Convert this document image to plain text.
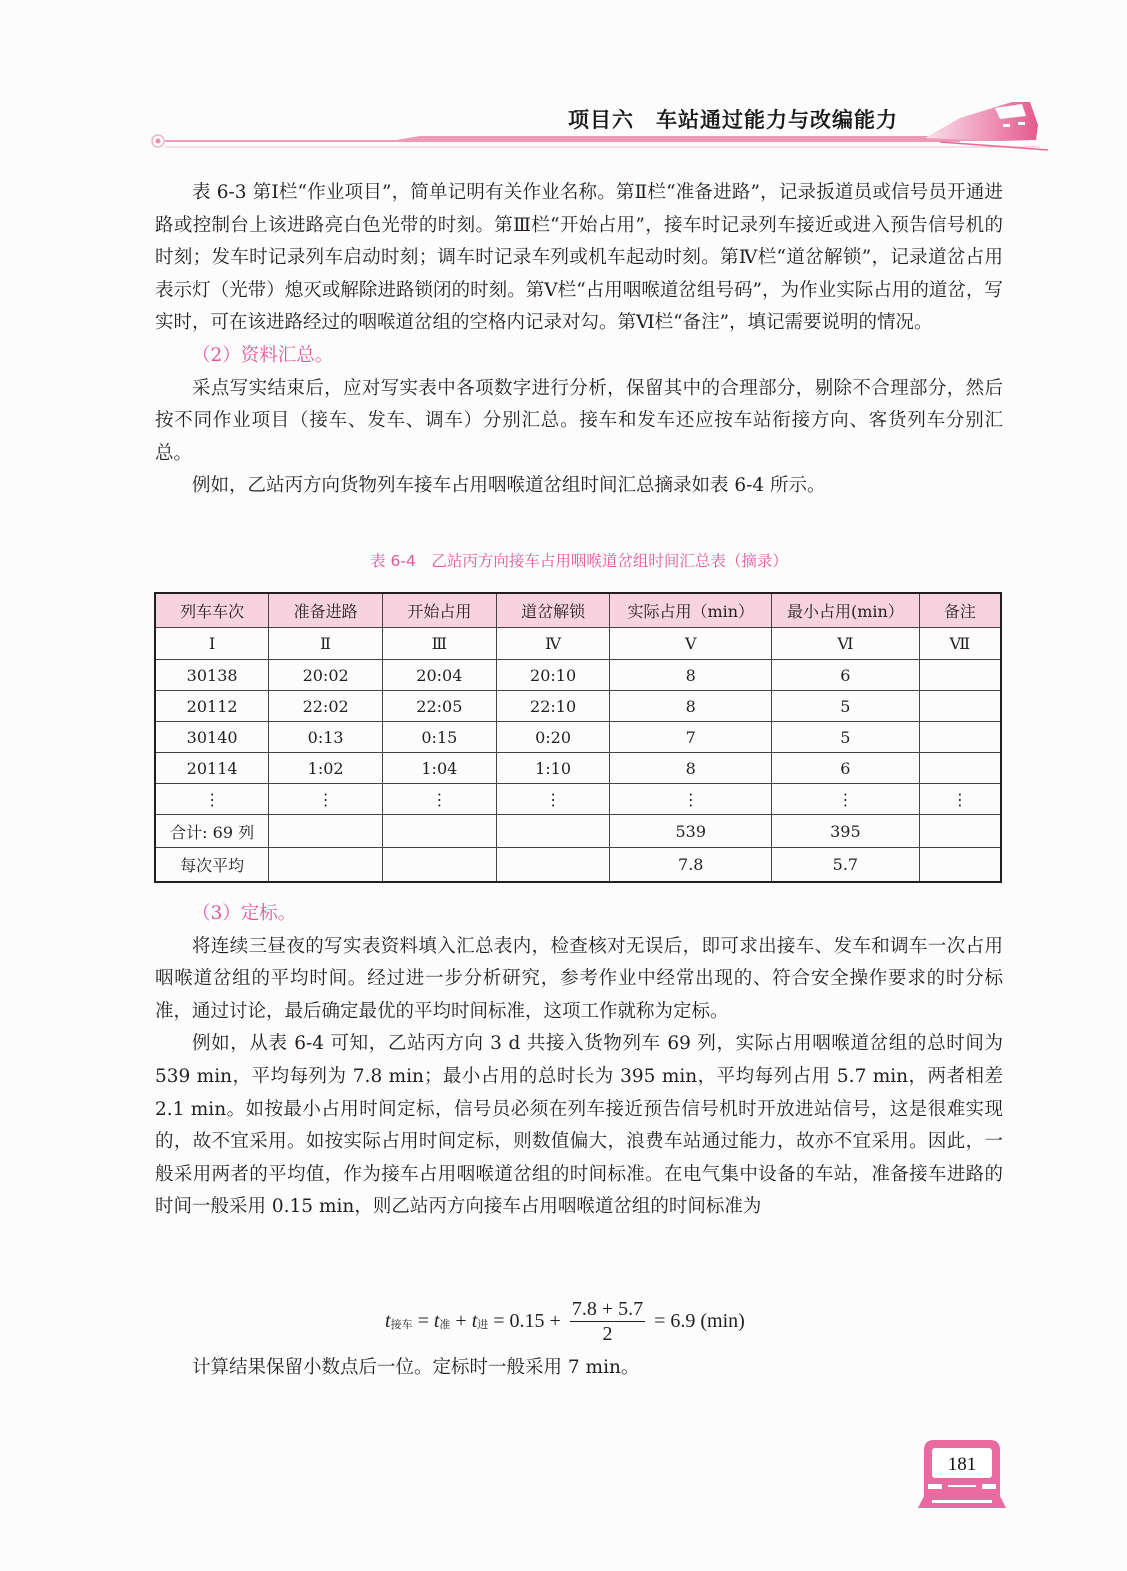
项目六　 车站通过能力与改编能力

表 6-3 第Ⅰ栏“作业项目”，简单记明有关作业名称。第Ⅱ栏“准备进路”，记录扳道员或信号员开通进路或控制台上该进路亮白色光带的时刻。第Ⅲ栏“开始占用”，接车时记录列车接近或进入预告信号机的时刻；发车时记录列车启动时刻；调车时记录车列或机车起动时刻。第Ⅳ栏“道岔解锁”，记录道岔占用表示灯（光带）熄灭或解除进路锁闭的时刻。第Ⅴ栏“占用咽喉道岔组号码”，为作业实际占用的道岔，写实时，可在该进路经过的咽喉道岔组的空格内记录对勾。第Ⅵ栏“备注”，填记需要说明的情况。

（2）资料汇总。

采点写实结束后，应对写实表中各项数字进行分析，保留其中的合理部分，剔除不合理部分，然后按不同作业项目（接车、发车、调车）分别汇总。接车和发车还应按车站衔接方向、客货列车分别汇总。

例如，乙站丙方向货物列车接车占用咽喉道岔组时间汇总摘录如表 6-4 所示。

表 6-4　乙站丙方向接车占用咽喉道岔组时间汇总表（摘录）
列车车次	准备进路	开始占用	道岔解锁	实际占用（min）	最小占用(min）	备注
Ⅰ	Ⅱ	Ⅲ	Ⅳ	Ⅴ	Ⅵ	Ⅶ
30138	20:02	20:04	20:10	8	6	
20112	22:02	22:05	22:10	8	5	
30140	0:13	0:15	0:20	7	5	
20114	1:02	1:04	1:10	8	6	
⋮	⋮	⋮	⋮	⋮	⋮	⋮
合计: 69 列				539	395	
每次平均				7.8	5.7	

（3）定标。

将连续三昼夜的写实表资料填入汇总表内，检查核对无误后，即可求出接车、发车和调车一次占用咽喉道岔组的平均时间。经过进一步分析研究，参考作业中经常出现的、符合安全操作要求的时分标准，通过讨论，最后确定最优的平均时间标准，这项工作就称为定标。

例如，从表 6-4 可知，乙站丙方向 3 d 共接入货物列车 69 列，实际占用咽喉道岔组的总时间为 539 min，平均每列为 7.8 min；最小占用的总时长为 395 min，平均每列占用 5.7 min，两者相差 2.1 min。如按最小占用时间定标，信号员必须在列车接近预告信号机时开放进站信号，这是很难实现的，故不宜采用。如按实际占用时间定标，则数值偏大，浪费车站通过能力，故亦不宜采用。因此，一般采用两者的平均值，作为接车占用咽喉道岔组的时间标准。在电气集中设备的车站，准备接车进路的时间一般采用 0.15 min，则乙站丙方向接车占用咽喉道岔组的时间标准为

$t_{接车} = t_准 + t_进 = 0.15 + \frac{7.8 + 5.7}{2} = 6.9$ (min)

计算结果保留小数点后一位。定标时一般采用 7 min。

181
